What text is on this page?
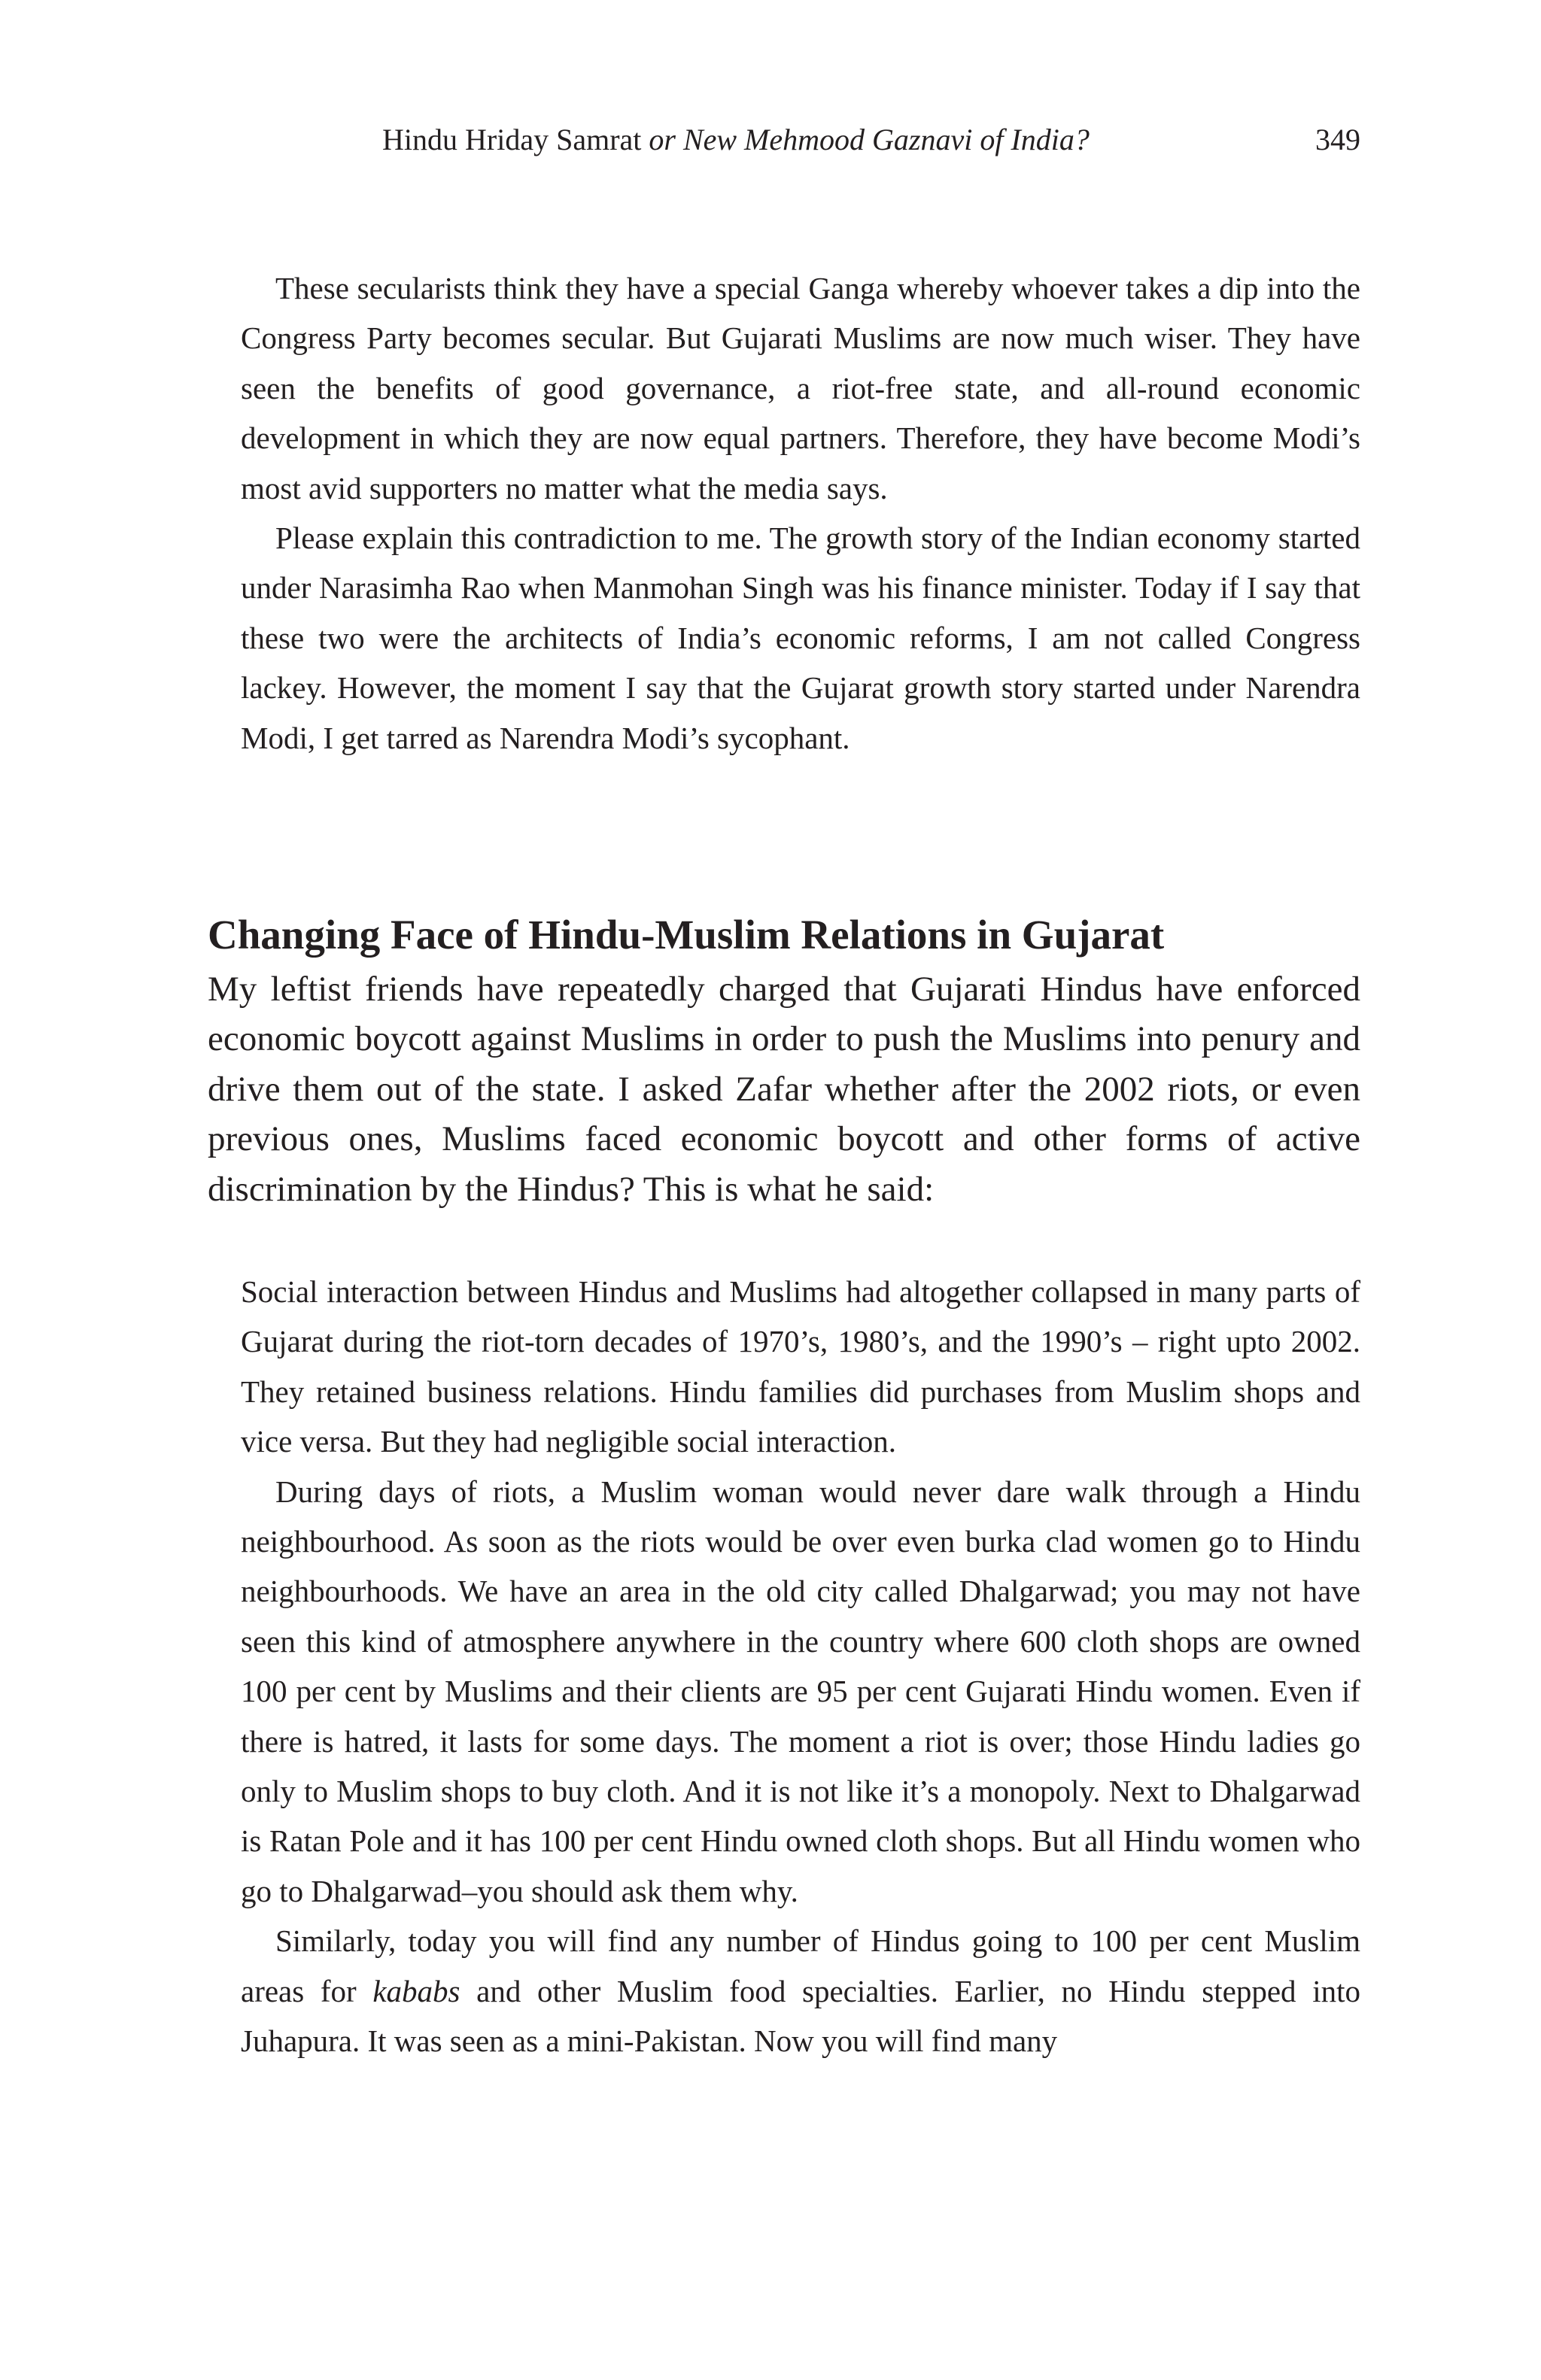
Hindu Hriday Samrat or New Mehmood Gaznavi of India?	349

These secularists think they have a special Ganga whereby whoever takes a dip into the Congress Party becomes secular. But Gujarati Muslims are now much wiser. They have seen the benefits of good governance, a riot-free state, and all-round economic development in which they are now equal partners. Therefore, they have become Modi’s most avid supporters no matter what the media says.

Please explain this contradiction to me. The growth story of the Indian economy started under Narasimha Rao when Manmohan Singh was his finance minister. Today if I say that these two were the architects of India’s economic reforms, I am not called Congress lackey. However, the moment I say that the Gujarat growth story started under Narendra Modi, I get tarred as Narendra Modi’s sycophant.

Changing Face of Hindu-Muslim Relations in Gujarat

My leftist friends have repeatedly charged that Gujarati Hindus have enforced economic boycott against Muslims in order to push the Muslims into penury and drive them out of the state. I asked Zafar whether after the 2002 riots, or even previous ones, Muslims faced economic boycott and other forms of active discrimination by the Hindus? This is what he said:

Social interaction between Hindus and Muslims had altogether collapsed in many parts of Gujarat during the riot-torn decades of 1970’s, 1980’s, and the 1990’s – right upto 2002. They retained business relations. Hindu families did purchases from Muslim shops and vice versa. But they had negligible social interaction.

During days of riots, a Muslim woman would never dare walk through a Hindu neighbourhood. As soon as the riots would be over even burka clad women go to Hindu neighbourhoods. We have an area in the old city called Dhalgarwad; you may not have seen this kind of atmosphere anywhere in the country where 600 cloth shops are owned 100 per cent by Muslims and their clients are 95 per cent Gujarati Hindu women. Even if there is hatred, it lasts for some days. The moment a riot is over; those Hindu ladies go only to Muslim shops to buy cloth. And it is not like it’s a monopoly. Next to Dhalgarwad is Ratan Pole and it has 100 per cent Hindu owned cloth shops. But all Hindu women who go to Dhalgarwad–you should ask them why.

Similarly, today you will find any number of Hindus going to 100 per cent Muslim areas for kababs and other Muslim food specialties. Earlier, no Hindu stepped into Juhapura. It was seen as a mini-Pakistan. Now you will find many
